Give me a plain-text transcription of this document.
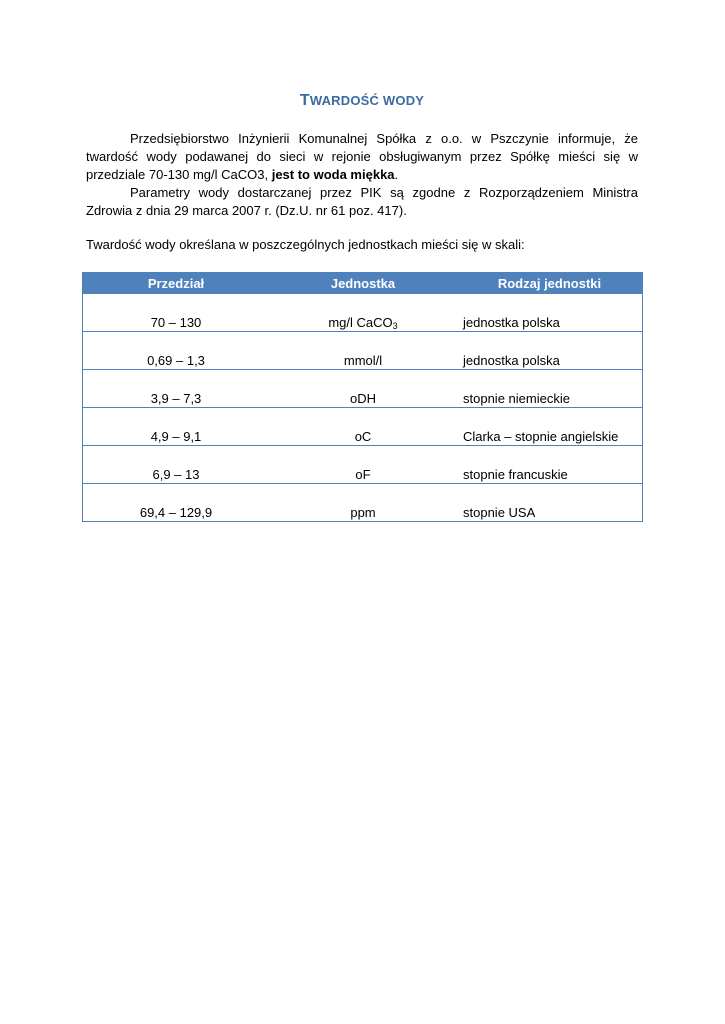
TWARDOŚĆ WODY
Przedsiębiorstwo Inżynierii Komunalnej Spółka z o.o. w Pszczynie informuje, że twardość wody podawanej do sieci w rejonie obsługiwanym przez Spółkę mieści się w przedziale 70-130 mg/l CaCO3, jest to woda miękka.
Parametry wody dostarczanej przez PIK są zgodne z Rozporządzeniem Ministra Zdrowia z dnia 29 marca 2007 r. (Dz.U. nr 61 poz. 417).
Twardość wody określana w poszczególnych jednostkach mieści się w skali:
Przedział	Jednostka	Rodzaj jednostki
70 – 130	mg/l CaCO$_3$	jednostka polska
0,69 – 1,3	mmol/l	jednostka polska
3,9 – 7,3	oDH	stopnie niemieckie
4,9 – 9,1	oC	Clarka – stopnie angielskie
6,9 – 13	oF	stopnie francuskie
69,4 – 129,9	ppm	stopnie USA
